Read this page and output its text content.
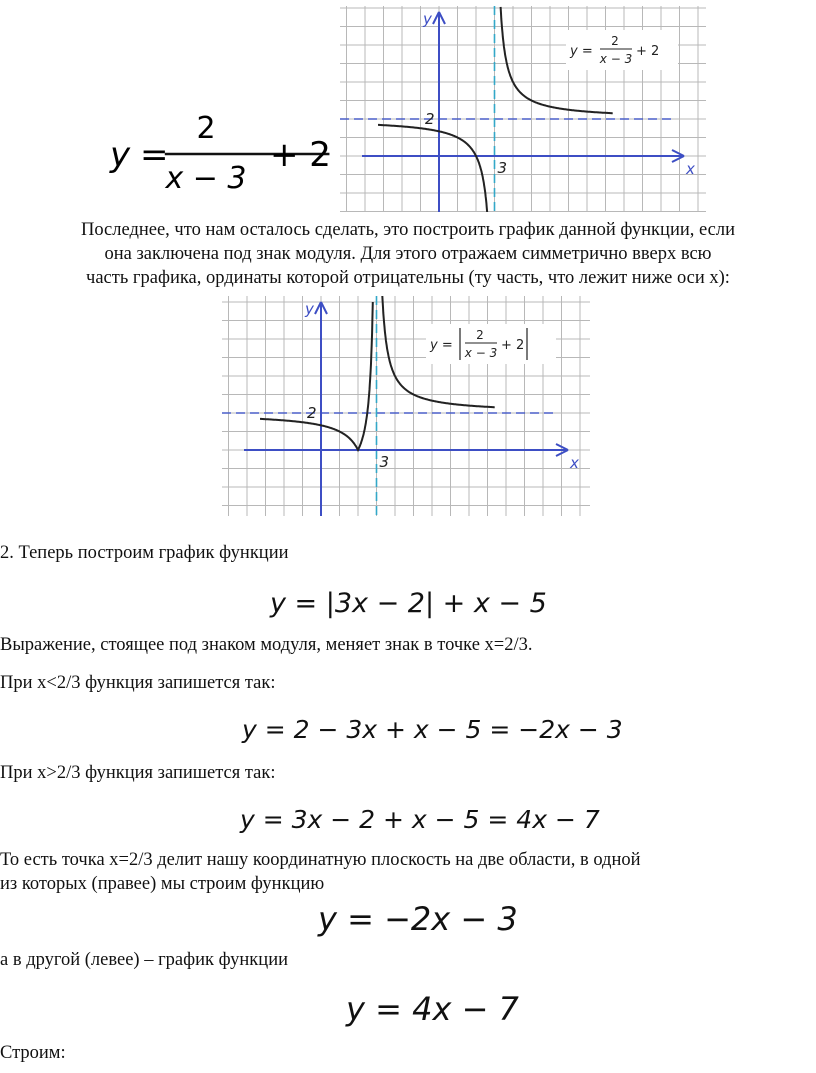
y =
2
x − 3
+ 2
y
x
2
3
y =
2
x − 3 + 2

Последнее, что нам осталось сделать, это построить график данной функции, если
она заключена под знак модуля. Для этого отражаем симметрично вверх всю
часть графика, ординаты которой отрицательны (ту часть, что лежит ниже оси х):

y
x
2
3
y =
2
x − 3 + 2

2. Теперь построим график функции

y = |3x − 2| + x − 5

Выражение, стоящее под знаком модуля, меняет знак в точке х=2/3.

При х<2/3 функция запишется так:

y = 2 − 3x + x − 5 = −2x − 3

При х>2/3 функция запишется так:

y = 3x − 2 + x − 5 = 4x − 7

То есть точка х=2/3 делит нашу координатную плоскость на две области, в одной
из которых (правее) мы строим функцию

y = −2x − 3

а в другой (левее) – график функции

y = 4x − 7

Строим:
